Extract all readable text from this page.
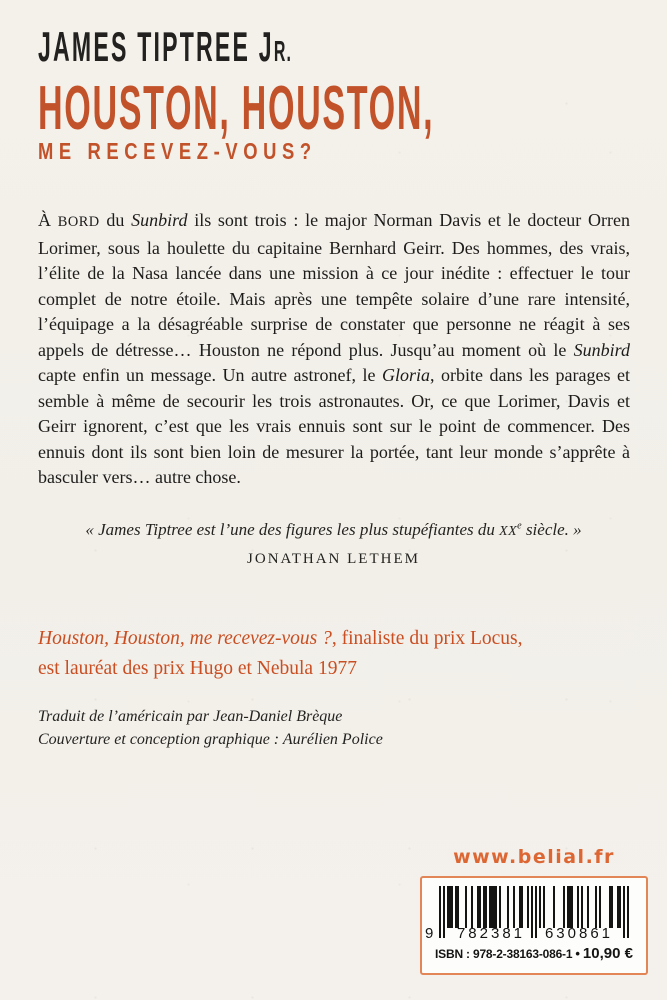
JAMES TIPTREE JR.
HOUSTON, HOUSTON,
ME RECEVEZ-VOUS?
À BORD du Sunbird ils sont trois : le major Norman Davis et le docteur Orren Lorimer, sous la houlette du capitaine Bernhard Geirr. Des hommes, des vrais, l’élite de la Nasa lancée dans une mission à ce jour inédite : effectuer le tour complet de notre étoile. Mais après une tempête solaire d’une rare intensité, l’équipage a la désagréable surprise de constater que personne ne réagit à ses appels de détresse… Houston ne répond plus. Jusqu’au moment où le Sunbird capte enfin un message. Un autre astronef, le Gloria, orbite dans les parages et semble à même de secourir les trois astronautes. Or, ce que Lorimer, Davis et Geirr ignorent, c’est que les vrais ennuis sont sur le point de commencer. Des ennuis dont ils sont bien loin de mesurer la portée, tant leur monde s’apprête à basculer vers… autre chose.
« James Tiptree est l’une des figures les plus stupéfiantes du XXe siècle. »
JONATHAN LETHEM
Houston, Houston, me recevez-vous ?, finaliste du prix Locus,
est lauréat des prix Hugo et Nebula 1977
Traduit de l’américain par Jean-Daniel Brèque
Couverture et conception graphique : Aurélien Police
www.belial.fr
9	782381	630861
ISBN : 978-2-38163-086-1 • 10,90 €
